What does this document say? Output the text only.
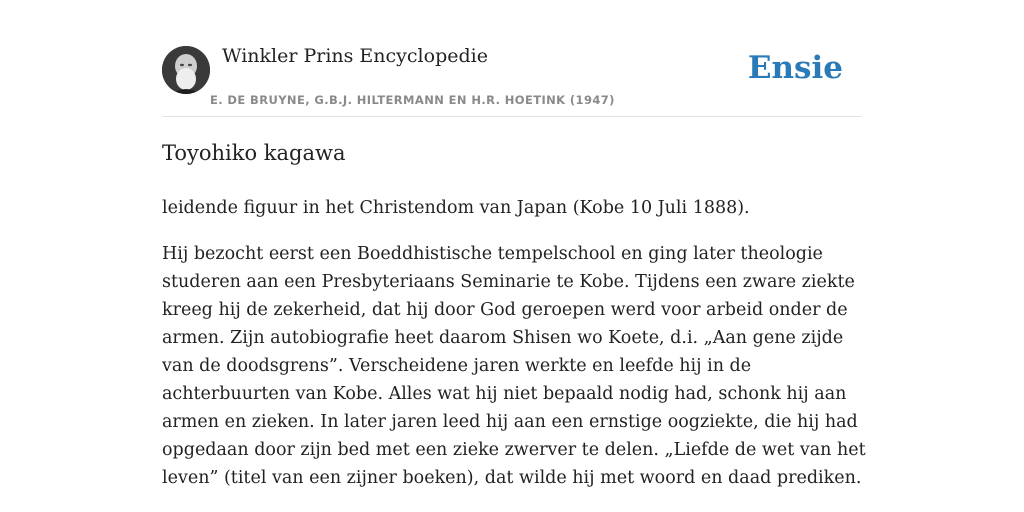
Winkler Prins Encyclopedie
E. DE BRUYNE, G.B.J. HILTERMANN EN H.R. HOETINK (1947)
Ensie
Toyohiko kagawa

leidende figuur in het Christendom van Japan (Kobe 10 Juli 1888).

Hij bezocht eerst een Boeddhistische tempelschool en ging later theologie studeren aan een Presbyteriaans Seminarie te Kobe. Tijdens een zware ziekte kreeg hij de zekerheid, dat hij door God geroepen werd voor arbeid onder de armen. Zijn autobiografie heet daarom Shisen wo Koete, d.i. „Aan gene zijde van de doodsgrens”. Verscheidene jaren werkte en leefde hij in de achterbuurten van Kobe. Alles wat hij niet bepaald nodig had, schonk hij aan armen en zieken. In later jaren leed hij aan een ernstige oogziekte, die hij had opgedaan door zijn bed met een zieke zwerver te delen. „Liefde de wet van het leven” (titel van een zijner boeken), dat wilde hij met woord en daad prediken.
